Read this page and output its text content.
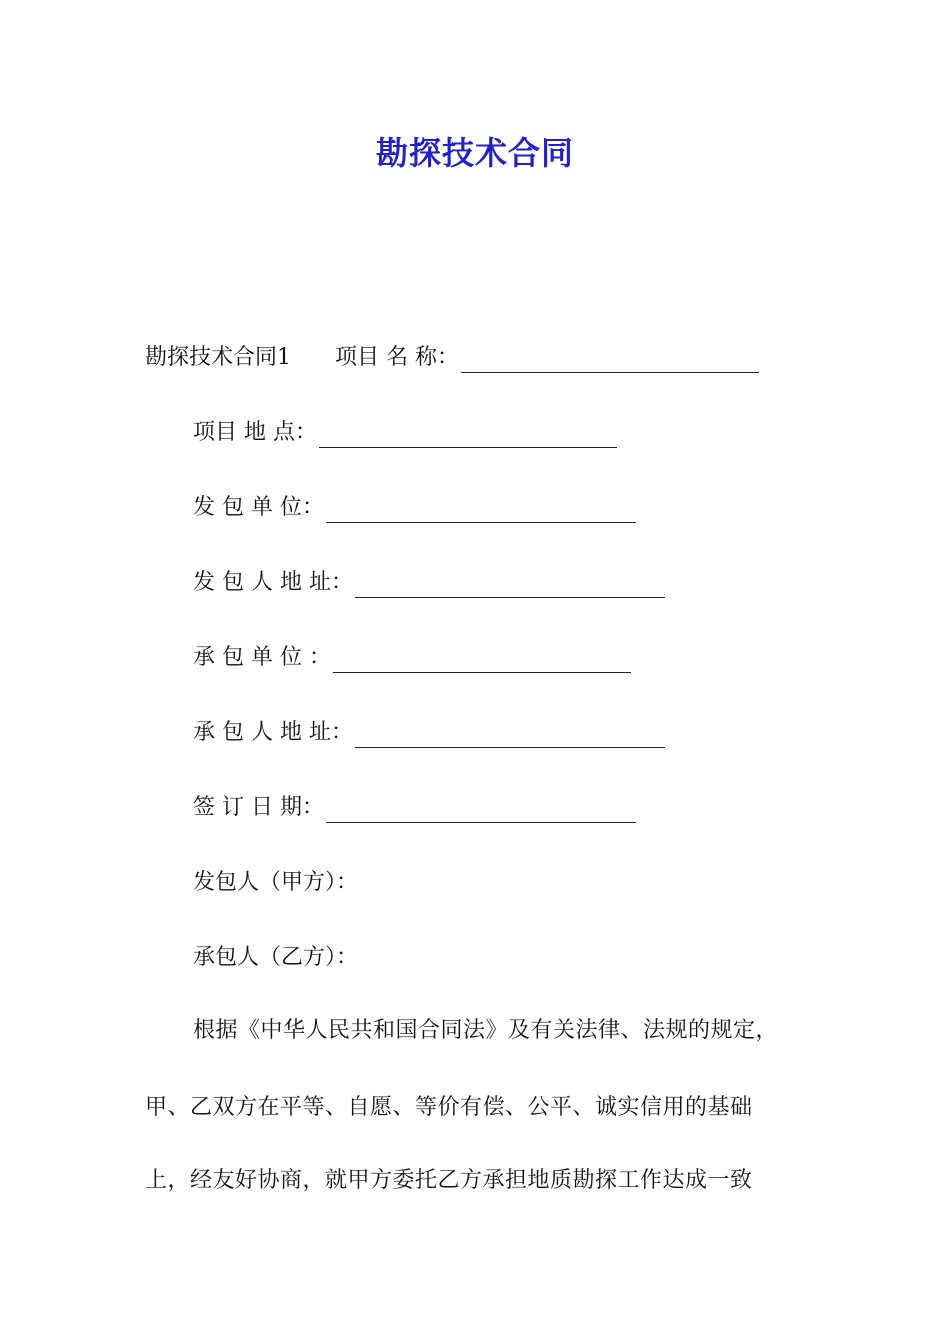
勘探技术合同
勘探技术合同1 项目 名 称：
项目 地 点：
发 包 单 位：
发 包 人 地 址：
承 包 单 位 ：
承 包 人 地 址：
签 订 日 期：
发包人（甲方）：
承包人（乙方）：
根据《中华人民共和国合同法》及有关法律、法规的规定，
甲、乙双方在平等、自愿、等价有偿、公平、诚实信用的基础
上，经友好协商，就甲方委托乙方承担地质勘探工作达成一致
